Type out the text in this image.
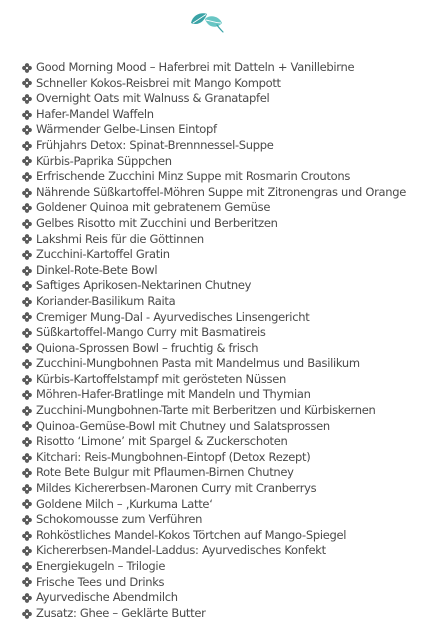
Good Morning Mood – Haferbrei mit Datteln + Vanillebirne
Schneller Kokos-Reisbrei mit Mango Kompott
Overnight Oats mit Walnuss & Granatapfel
Hafer-Mandel Waffeln
Wärmender Gelbe-Linsen Eintopf
Frühjahrs Detox: Spinat-Brennnessel-Suppe
Kürbis-Paprika Süppchen
Erfrischende Zucchini Minz Suppe mit Rosmarin Croutons
Nährende Süßkartoffel-Möhren Suppe mit Zitronengras und Orange
Goldener Quinoa mit gebratenem Gemüse
Gelbes Risotto mit Zucchini und Berberitzen
Lakshmi Reis für die Göttinnen
Zucchini-Kartoffel Gratin
Dinkel-Rote-Bete Bowl
Saftiges Aprikosen-Nektarinen Chutney
Koriander-Basilikum Raita
Cremiger Mung-Dal - Ayurvedisches Linsengericht
Süßkartoffel-Mango Curry mit Basmatireis
Quiona-Sprossen Bowl – fruchtig & frisch
Zucchini-Mungbohnen Pasta mit Mandelmus und Basilikum
Kürbis-Kartoffelstampf mit gerösteten Nüssen
Möhren-Hafer-Bratlinge mit Mandeln und Thymian
Zucchini-Mungbohnen-Tarte mit Berberitzen und Kürbiskernen
Quinoa-Gemüse-Bowl mit Chutney und Salatsprossen
Risotto ‘Limone’ mit Spargel & Zuckerschoten
Kitchari: Reis-Mungbohnen-Eintopf (Detox Rezept)
Rote Bete Bulgur mit Pflaumen-Birnen Chutney
Mildes Kichererbsen-Maronen Curry mit Cranberrys
Goldene Milch – ‚Kurkuma Latte‘
Schokomousse zum Verführen
Rohköstliches Mandel-Kokos Törtchen auf Mango-Spiegel
Kichererbsen-Mandel-Laddus: Ayurvedisches Konfekt
Energiekugeln – Trilogie
Frische Tees und Drinks
Ayurvedische Abendmilch
Zusatz: Ghee – Geklärte Butter
